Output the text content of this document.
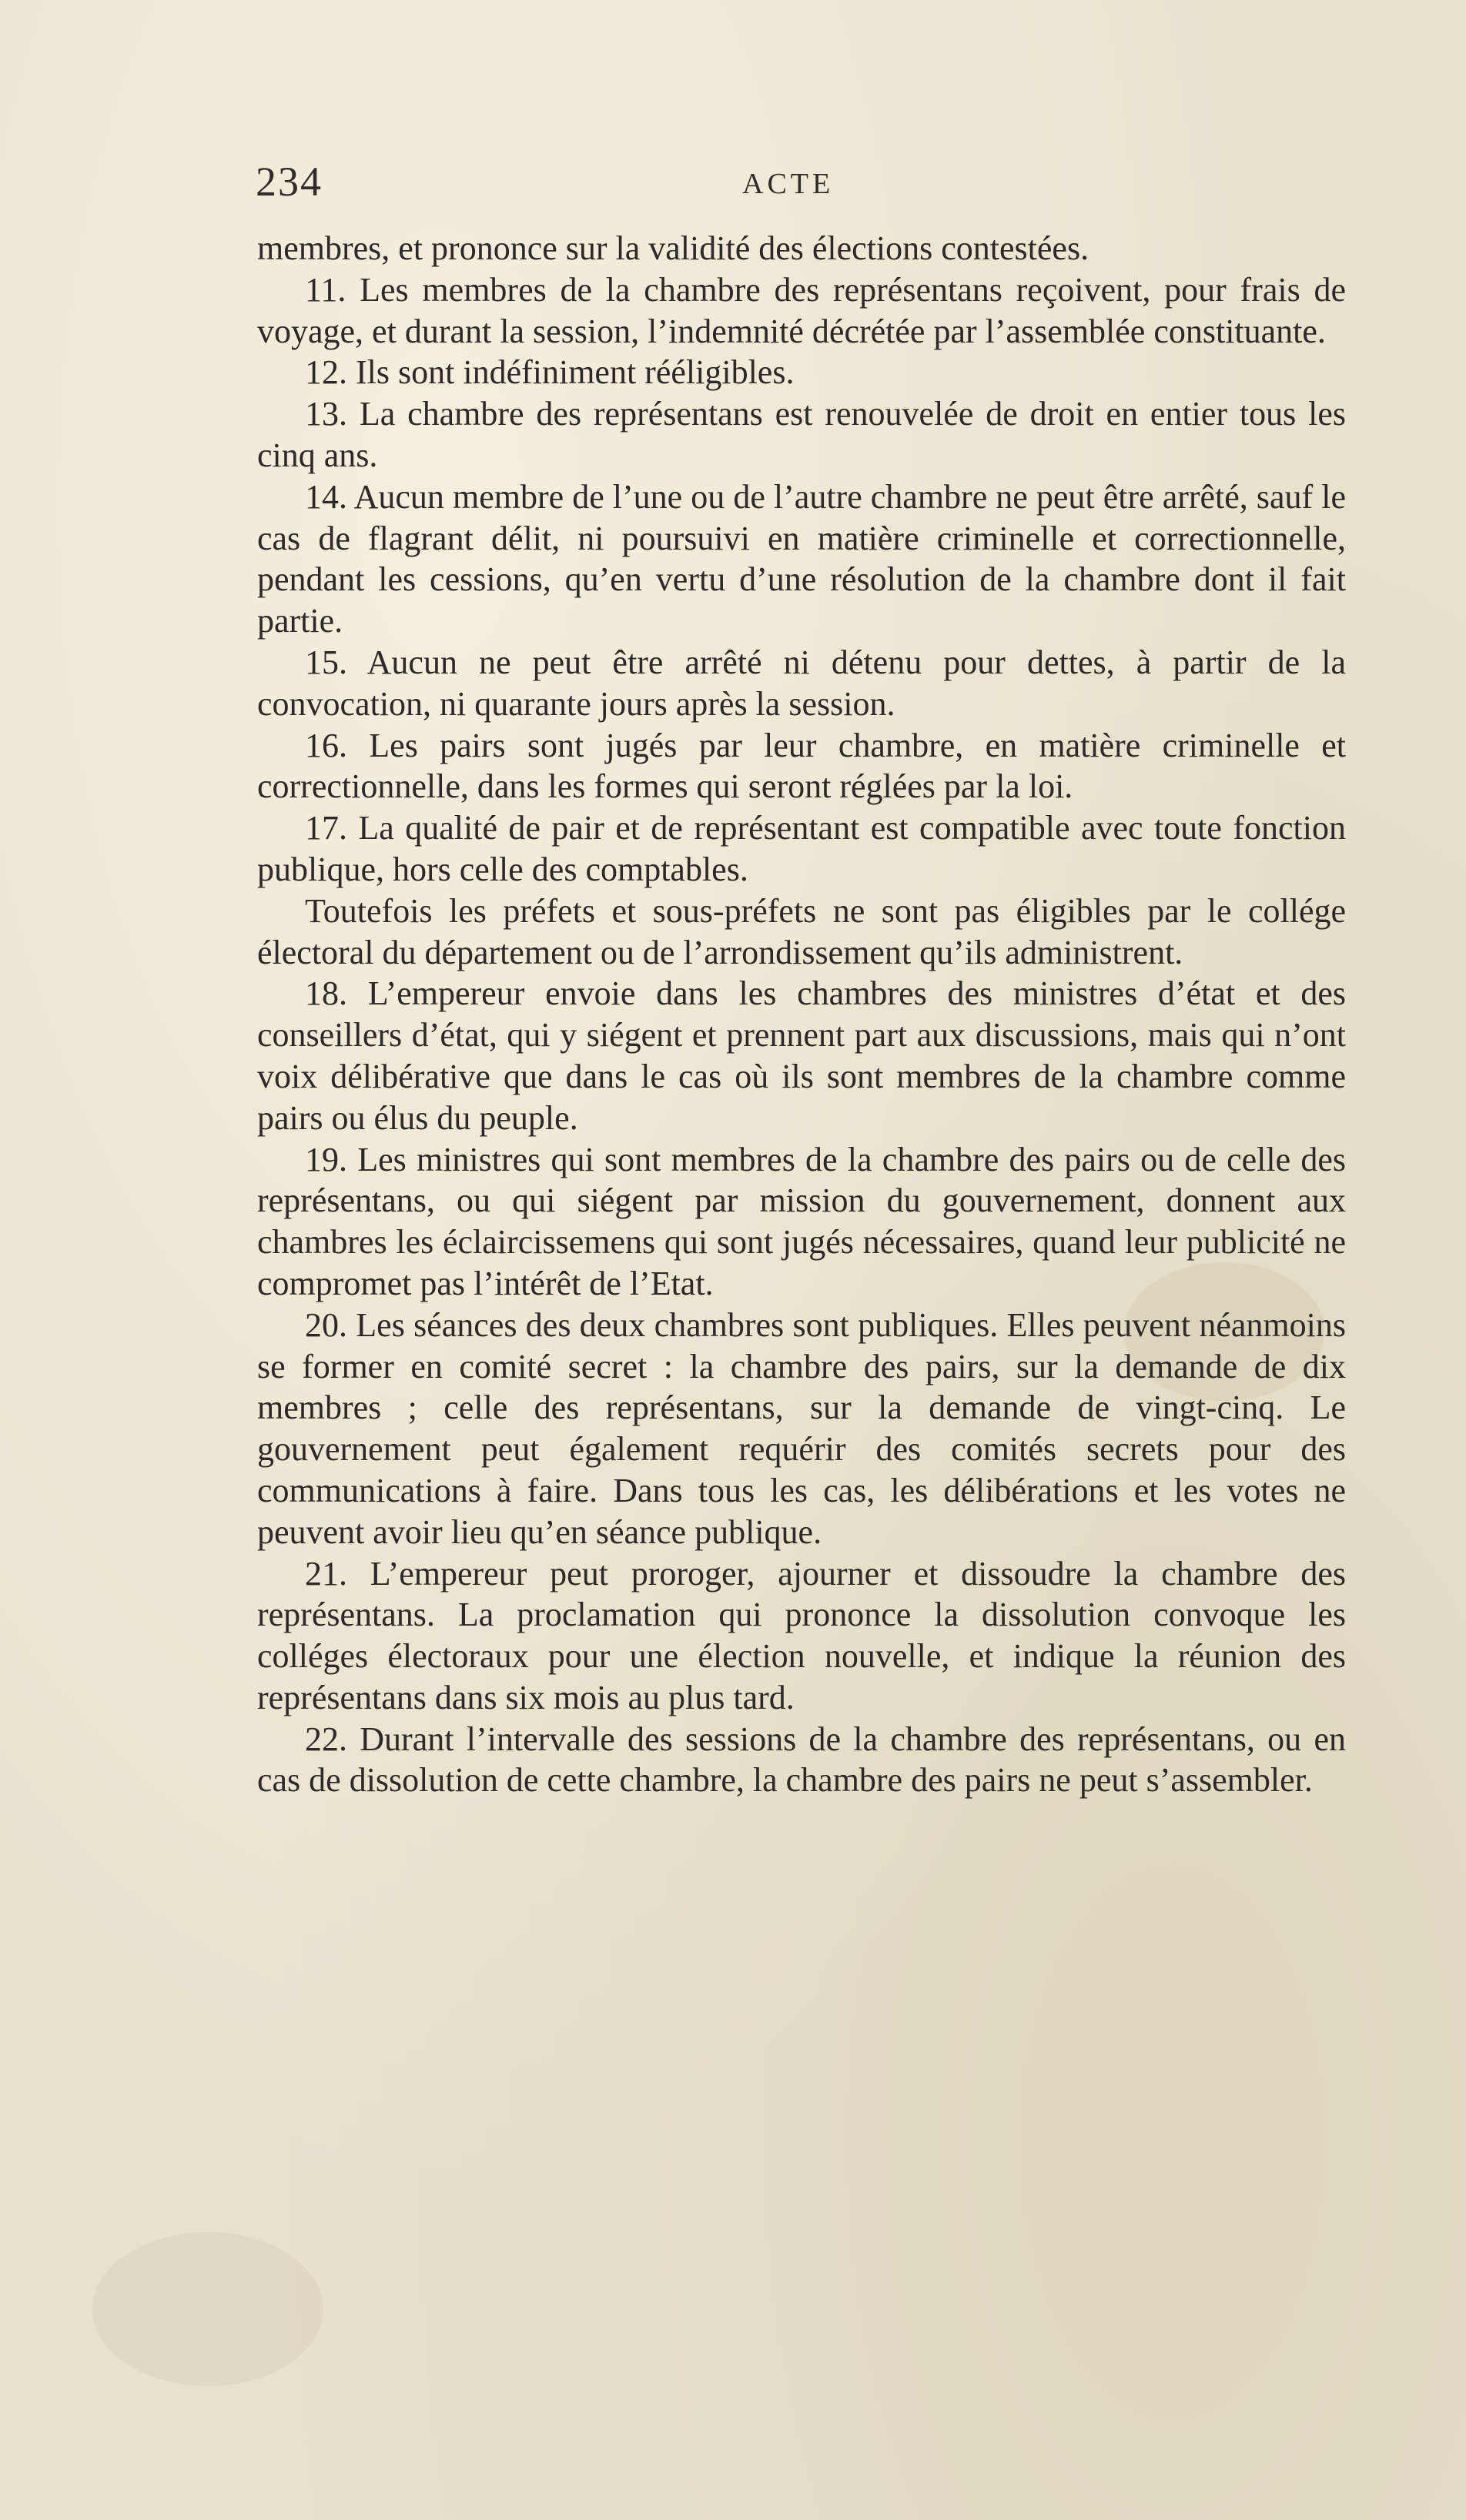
234	ACTE

membres, et prononce sur la validité des élections contestées.

11. Les membres de la chambre des représentans reçoivent, pour frais de voyage, et durant la session, l’indemnité décrétée par l’assemblée constituante.

12. Ils sont indéfiniment rééligibles.

13. La chambre des représentans est renouvelée de droit en entier tous les cinq ans.

14. Aucun membre de l’une ou de l’autre chambre ne peut être arrêté, sauf le cas de flagrant délit, ni poursuivi en matière criminelle et correctionnelle, pendant les cessions, qu’en vertu d’une résolution de la chambre dont il fait partie.

15. Aucun ne peut être arrêté ni détenu pour dettes, à partir de la convocation, ni quarante jours après la session.

16. Les pairs sont jugés par leur chambre, en matière criminelle et correctionnelle, dans les formes qui seront réglées par la loi.

17. La qualité de pair et de représentant est compatible avec toute fonction publique, hors celle des comptables.

Toutefois les préfets et sous-préfets ne sont pas éligibles par le collége électoral du département ou de l’arrondissement qu’ils administrent.

18. L’empereur envoie dans les chambres des ministres d’état et des conseillers d’état, qui y siégent et prennent part aux discussions, mais qui n’ont voix délibérative que dans le cas où ils sont membres de la chambre comme pairs ou élus du peuple.

19. Les ministres qui sont membres de la chambre des pairs ou de celle des représentans, ou qui siégent par mission du gouvernement, donnent aux chambres les éclaircissemens qui sont jugés nécessaires, quand leur publicité ne compromet pas l’intérêt de l’Etat.

20. Les séances des deux chambres sont publiques. Elles peuvent néanmoins se former en comité secret : la chambre des pairs, sur la demande de dix membres ; celle des représentans, sur la demande de vingt-cinq. Le gouvernement peut également requérir des comités secrets pour des communications à faire. Dans tous les cas, les délibérations et les votes ne peuvent avoir lieu qu’en séance publique.

21. L’empereur peut proroger, ajourner et dissoudre la chambre des représentans. La proclamation qui prononce la dissolution convoque les colléges électoraux pour une élection nouvelle, et indique la réunion des représentans dans six mois au plus tard.

22. Durant l’intervalle des sessions de la chambre des représentans, ou en cas de dissolution de cette chambre, la chambre des pairs ne peut s’assembler.
